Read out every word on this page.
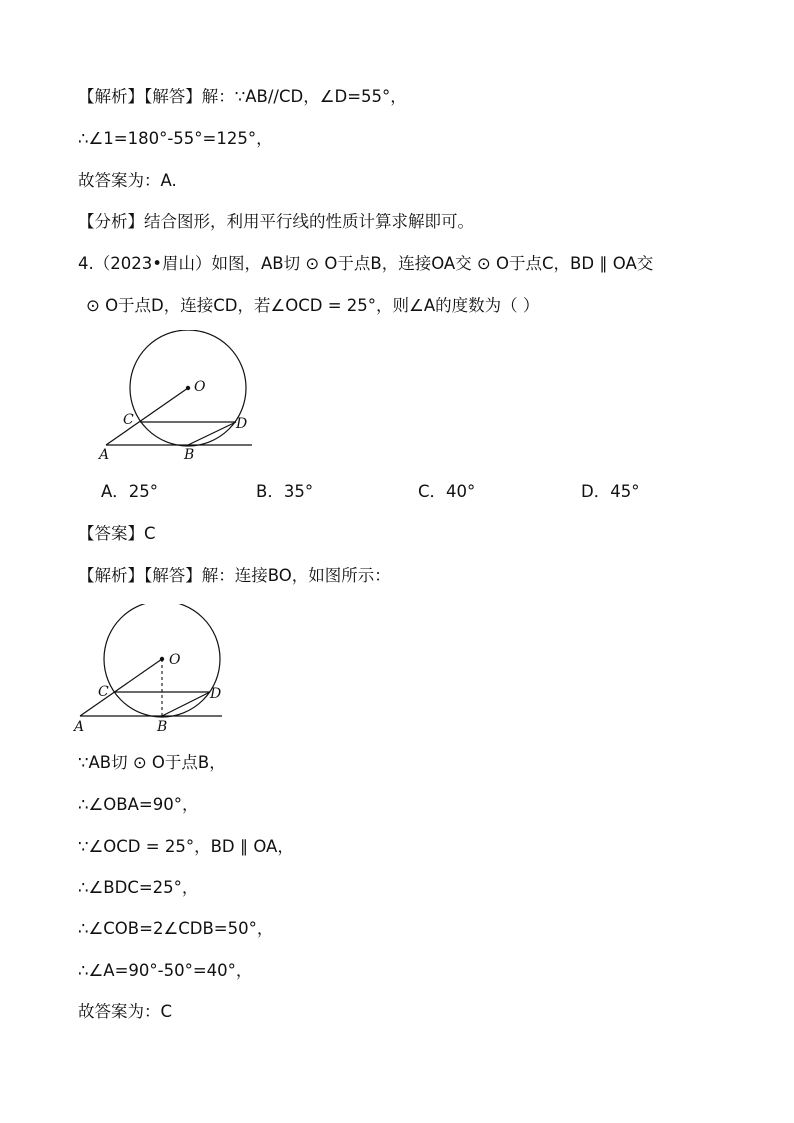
【解析】【解答】解：∵AB//CD，∠D=55°，
∴∠1=180°-55°=125°，
故答案为：A.
【分析】结合图形，利用平行线的性质计算求解即可。
4.（2023•眉山）如图，AB切 ⊙ O于点B，连接OA交 ⊙ O于点C，BD ∥ OA交
⊙ O于点D，连接CD，若∠OCD = 25°，则∠A的度数为（ ）
O
C	D
A	B
A．25°	B．35°	C．40°	D．45°
【答案】C
【解析】【解答】解：连接BO，如图所示：
O
C	D
A	B
∵AB切 ⊙ O于点B，
∴∠OBA=90°，
∵∠OCD = 25°，BD ∥ OA，
∴∠BDC=25°，
∴∠COB=2∠CDB=50°，
∴∠A=90°-50°=40°，
故答案为：C
